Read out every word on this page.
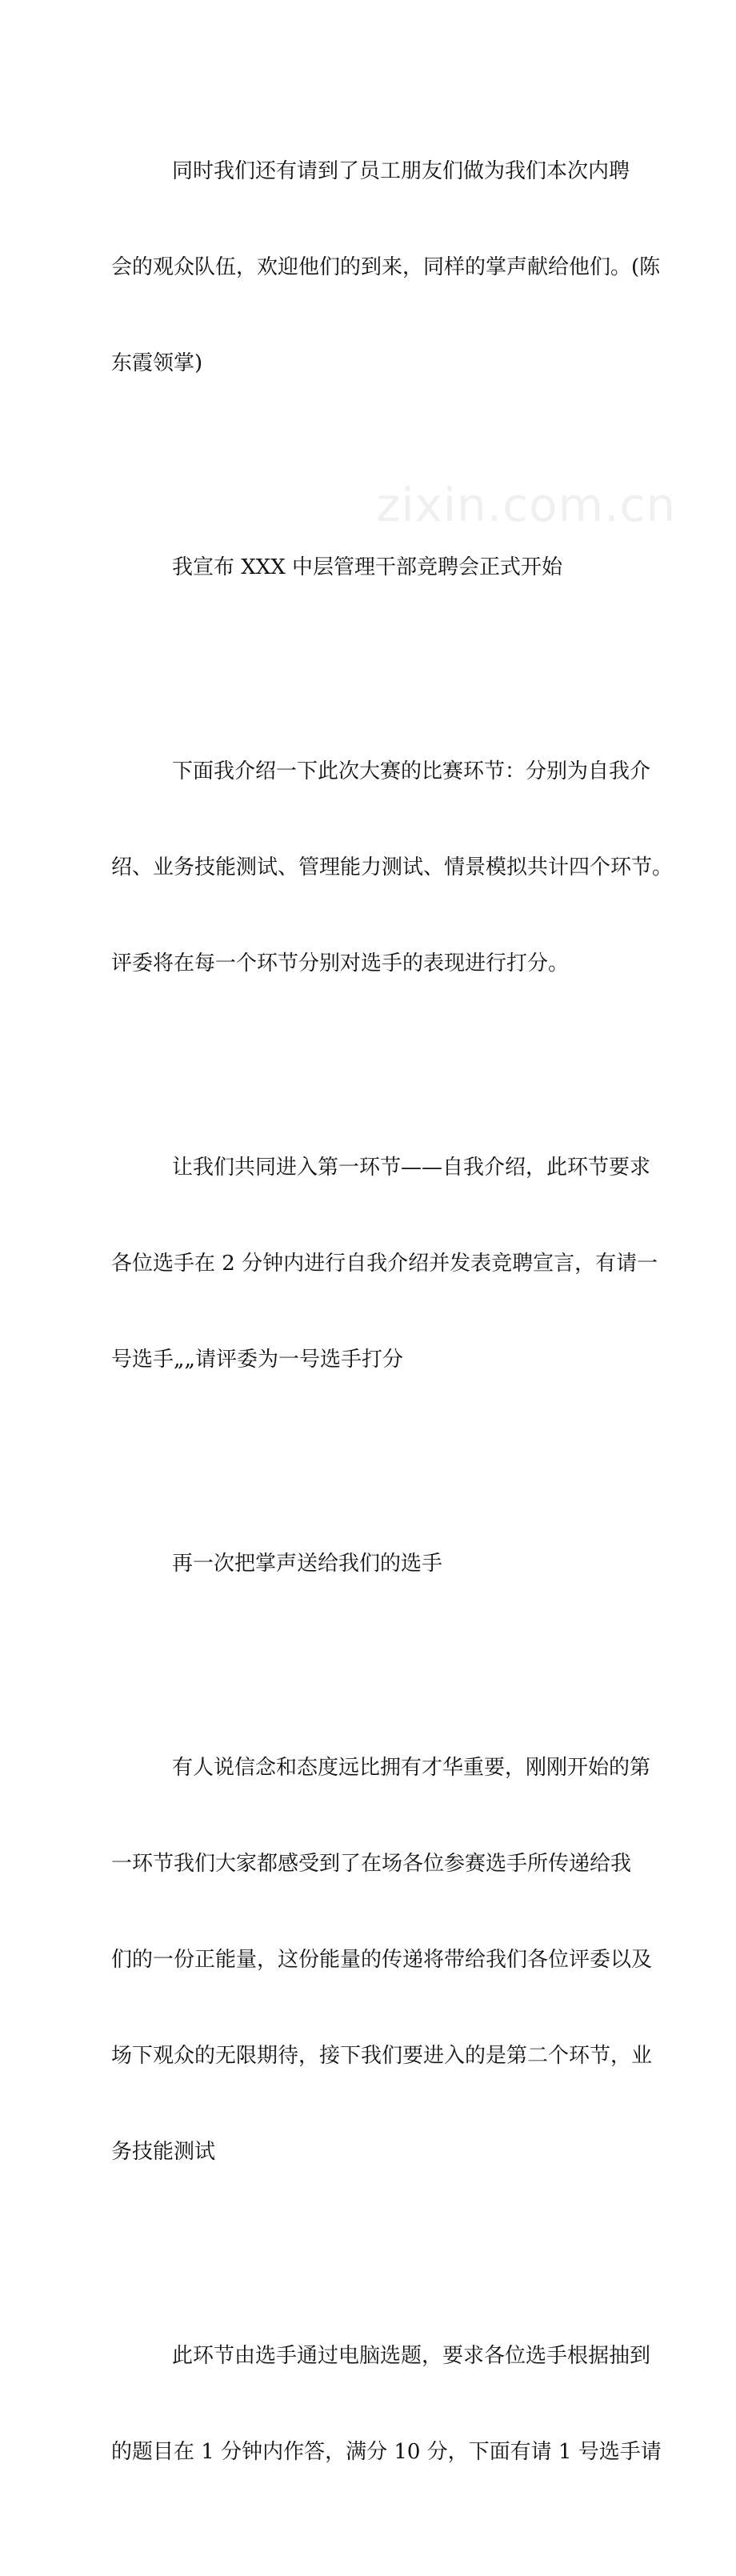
同时我们还有请到了员工朋友们做为我们本次内聘

会的观众队伍，欢迎他们的到来，同样的掌声献给他们。(陈

东霞领掌)

我宣布 XXX 中层管理干部竞聘会正式开始

下面我介绍一下此次大赛的比赛环节：分别为自我介

绍、业务技能测试、管理能力测试、情景模拟共计四个环节。

评委将在每一个环节分别对选手的表现进行打分。

让我们共同进入第一环节——自我介绍，此环节要求

各位选手在 2 分钟内进行自我介绍并发表竞聘宣言，有请一

号选手„„请评委为一号选手打分

再一次把掌声送给我们的选手

有人说信念和态度远比拥有才华重要，刚刚开始的第

一环节我们大家都感受到了在场各位参赛选手所传递给我

们的一份正能量，这份能量的传递将带给我们各位评委以及

场下观众的无限期待，接下我们要进入的是第二个环节，业

务技能测试

此环节由选手通过电脑选题，要求各位选手根据抽到

的题目在 1 分钟内作答，满分 10 分，下面有请 1 号选手请

zixin.com.cn
